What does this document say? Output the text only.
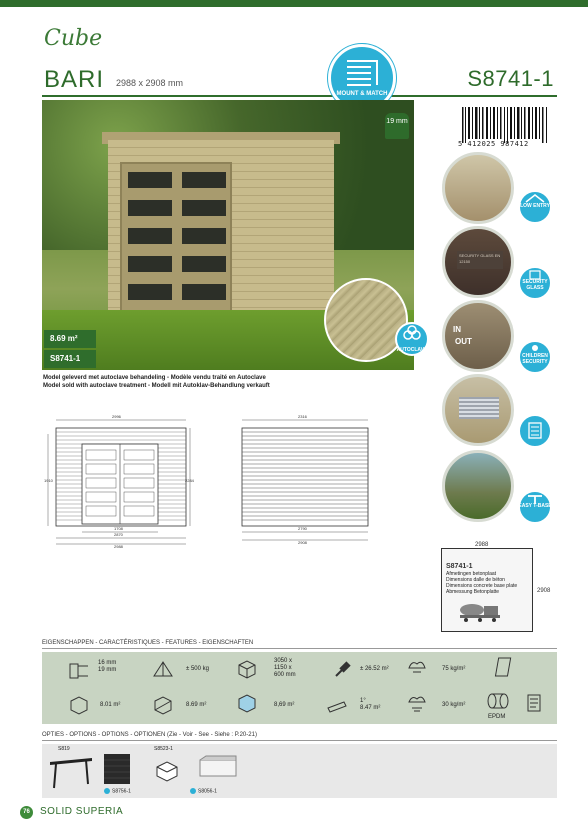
Cube
BARI 2988 x 2908 mm	S8741-1
MOUNT & MATCH
5 412025 987412
19 mm
AUTOCLAVE
8.69 m²
S8741-1
Model geleverd met autoclave behandeling - Modèle vendu traité en Autoclave
Model sold with autoclave treatment - Modell mit Autoklav-Behandlung verkauft
LOW ENTRY
SECURITY GLASS EN 12150
SECURITY GLASS
IN
OUT
CHILDREN SECURITY
EASY T-BASE
2996
1910	2284
1708
2870
2988
2316
2790
2908	2988
2908
S8741-1
Afmetingen betonplaat
Dimensions dalle de béton
Dimensions concrete base plate
Abmessung Betonplatte
EIGENSCHAPPEN - CARACTÉRISTIQUES - FEATURES - EIGENSCHAFTEN
16 mm
19 mm	± 500 kg
3050 x
1150 x
600 mm
± 26.52 m²	75 kg/m²
8.01 m²	8.69 m²	8,69 m²
1°
8.47 m²	30 kg/m²
EPDM
OPTIES - OPTIONS - OPTIONS - OPTIONEN (Zie - Voir - See - Siehe : P.20-21)
S819
S8756-1
S8523-1
S8056-1
76	SOLID SUPERIA
